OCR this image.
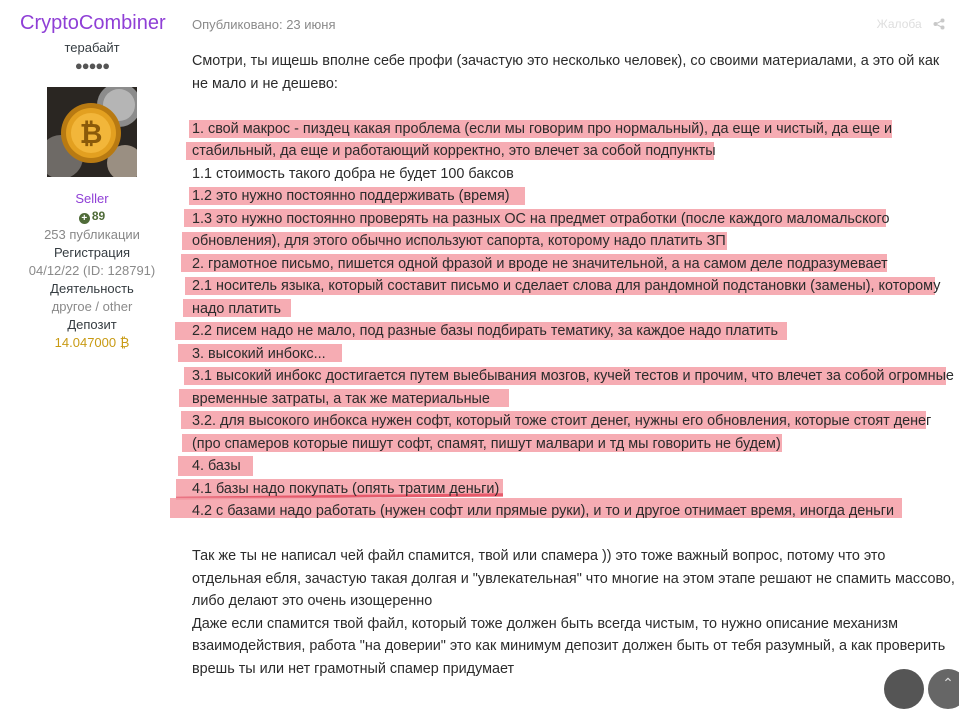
CryptoCombiner
терабайт
●●●●●
₿
Seller
+ 89
253 публикации
Регистрация
04/12/22 (ID: 128791)
Деятельность
другое / other
Депозит
14.047000 ₿
Опубликовано: 23 июня	Жалоба

Смотри, ты ищешь вполне себе профи (зачастую это несколько человек), со своими материалами, а это ой как

не мало и не дешево:

1. свой макрос - пиздец какая проблема (если мы говорим про нормальный), да еще и чистый, да еще и

стабильный, да еще и работающий корректно, это влечет за собой подпункты

1.1 стоимость такого добра не будет 100 баксов

1.2 это нужно постоянно поддерживать (время)

1.3 это нужно постоянно проверять на разных ОС на предмет отработки (после каждого маломальского

обновления), для этого обычно используют сапорта, которому надо платить ЗП

2. грамотное письмо, пишется одной фразой и вроде не значительной, а на самом деле подразумевает

2.1 носитель языка, который составит письмо и сделает слова для рандомной подстановки (замены), которому

надо платить

2.2 писем надо не мало, под разные базы подбирать тематику, за каждое надо платить

3. высокий инбокс...

3.1 высокий инбокс достигается путем выебывания мозгов, кучей тестов и прочим, что влечет за собой огромные

временные затраты, а так же материальные

3.2. для высокого инбокса нужен софт, который тоже стоит денег, нужны его обновления, которые стоят денег

(про спамеров которые пишут софт, спамят, пишут малвари и тд мы говорить не будем)

4. базы

4.1 базы надо покупать (опять тратим деньги)

4.2 с базами надо работать (нужен софт или прямые руки), и то и другое отнимает время, иногда деньги

Так же ты не написал чей файл спамится, твой или спамера )) это тоже важный вопрос, потому что это

отдельная ебля, зачастую такая долгая и "увлекательная" что многие на этом этапе решают не спамить массово,

либо делают это очень изощеренно

Даже если спамится твой файл, который тоже должен быть всегда чистым, то нужно описание механизм

взаимодействия, работа "на доверии" это как минимум депозит должен быть от тебя разумный, а как проверить

врешь ты или нет грамотный спамер придумает

⌃
